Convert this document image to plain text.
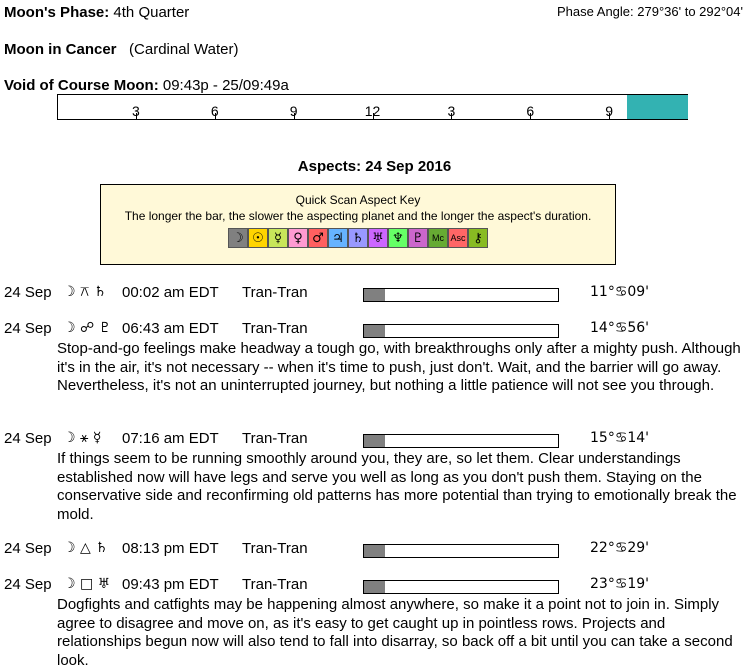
Moon's Phase: 4th Quarter	Phase Angle: 279°36' to 292°04'
Moon in Cancer (Cardinal Water)
Void of Course Moon: 09:43p - 25/09:49a
3	6	9	12	3	6	9
Aspects: 24 Sep 2016
Quick Scan Aspect Key
The longer the bar, the slower the aspecting planet and the longer the aspect's duration.
☽ ☉ ☿ ♀ ♂ ♃ ♄ ♅ ♆ ♇ Mc Asc ⚷
24 Sep ☽ ⚻ ♄ 00:02 am EDT Tran-Tran	11°♋09'
24 Sep ☽ ☍ ♇ 06:43 am EDT Tran-Tran	14°♋56'
Stop-and-go feelings make headway a tough go, with breakthroughs only after a mighty push. Although it's in the air, it's not necessary -- when it's time to push, just don't. Wait, and the barrier will go away. Nevertheless, it's not an uninterrupted journey, but nothing a little patience will not see you through.
24 Sep ☽ ⚹ ☿ 07:16 am EDT Tran-Tran	15°♋14'
If things seem to be running smoothly around you, they are, so let them. Clear understandings established now will have legs and serve you well as long as you don't push them. Staying on the conservative side and reconfirming old patterns has more potential than trying to emotionally break the mold.
24 Sep ☽ △ ♄ 08:13 pm EDT Tran-Tran	22°♋29'
24 Sep ☽ □ ♅ 09:43 pm EDT Tran-Tran	23°♋19'
Dogfights and catfights may be happening almost anywhere, so make it a point not to join in. Simply agree to disagree and move on, as it's easy to get caught up in pointless rows. Projects and relationships begun now will also tend to fall into disarray, so back off a bit until you can take a second look.
